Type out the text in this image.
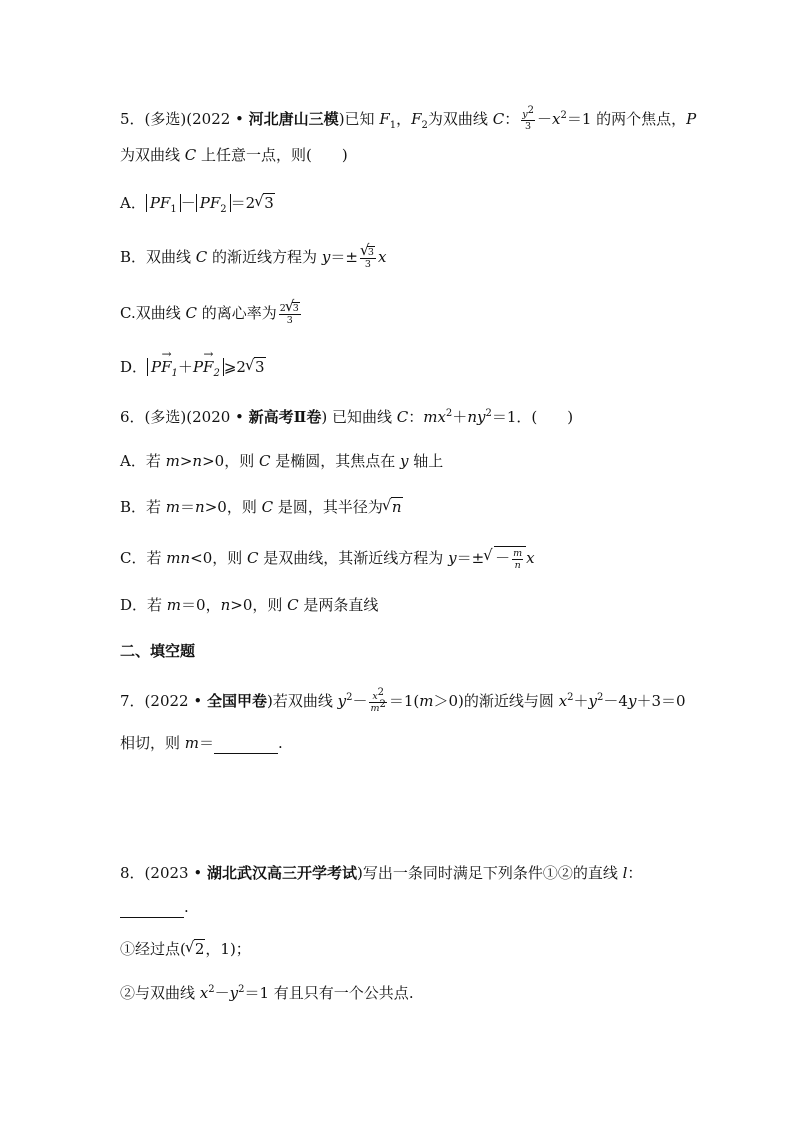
5．(多选)(2022 • 河北唐山三模)已知 $F_1$，$F_2$为双曲线 C： $\frac{y^2}{3} -x^2=1$ 的两个焦点，P
为双曲线 C 上任意一点，则(　　)
A． $PF_1 - PF_2 =2√$ 3
B．双曲线 C 的渐近线方程为 y＝±
√ $\frac{3}{3}$ x
C.双曲线 C 的离心率为 $\frac{2√ 3}{3}$
D． $PF_1 \to+PF_2$ → ⩾2√ 3
6．(多选)(2020 • 新高考Ⅱ卷) 已知曲线 C：$mx^2+ny^2=1$．(　　)
A．若 m>n>0，则 C 是椭圆，其焦点在 y 轴上
B．若 m＝n>0，则 C 是圆，其半径为√ n
C．若 mn<0，则 C 是双曲线，其渐近线方程为 $y=\pm√ - \frac{m}{n}$ x
D．若 m＝0，n>0，则 C 是两条直线
二、填空题
7．(2022 • 全国甲卷)若双曲线 $y^2- \frac{x^2}{m^2} =1(m>0)$的渐近线与圆 $x^2+y^2-4y+3=0$
相切，则 m＝	.
8．(2023 • 湖北武汉高三开学考试)写出一条同时满足下列条件①②的直线 l：
.
①经过点(√ 2，1)；
②与双曲线 $x^2-y^2=1$ 有且只有一个公共点.
